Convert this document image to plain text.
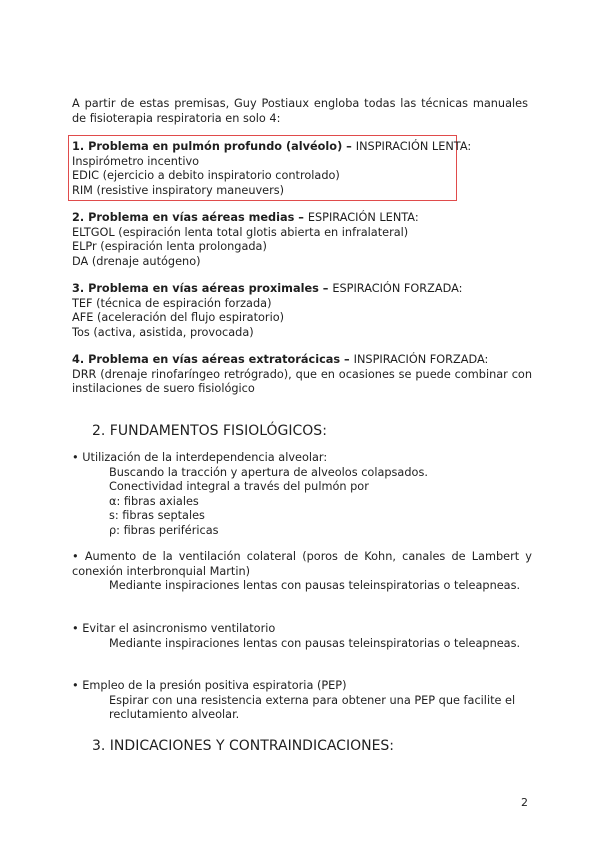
A partir de estas premisas, Guy Postiaux engloba todas las técnicas manuales de fisioterapia respiratoria en solo 4:
1. Problema en pulmón profundo (alvéolo) – INSPIRACIÓN LENTA:
Inspirómetro incentivo
EDIC (ejercicio a debito inspiratorio controlado)
RIM (resistive inspiratory maneuvers)
2. Problema en vías aéreas medias – ESPIRACIÓN LENTA:
ELTGOL (espiración lenta total glotis abierta en infralateral)
ELPr (espiración lenta prolongada)
DA (drenaje autógeno)
3. Problema en vías aéreas proximales – ESPIRACIÓN FORZADA:
TEF (técnica de espiración forzada)
AFE (aceleración del flujo espiratorio)
Tos (activa, asistida, provocada)
4. Problema en vías aéreas extratorácicas – INSPIRACIÓN FORZADA:
DRR (drenaje rinofaríngeo retrógrado), que en ocasiones se puede combinar con instilaciones de suero fisiológico
2. FUNDAMENTOS FISIOLÓGICOS:
• Utilización de la interdependencia alveolar:
Buscando la tracción y apertura de alveolos colapsados.
Conectividad integral a través del pulmón por
α: fibras axiales
s: fibras septales
ρ: fibras periféricas
• Aumento de la ventilación colateral (poros de Kohn, canales de Lambert y conexión interbronquial Martin)
Mediante inspiraciones lentas con pausas teleinspiratorias o teleapneas.
• Evitar el asincronismo ventilatorio
Mediante inspiraciones lentas con pausas teleinspiratorias o teleapneas.
• Empleo de la presión positiva espiratoria (PEP)
Espirar con una resistencia externa para obtener una PEP que facilite el reclutamiento alveolar.
3. INDICACIONES Y CONTRAINDICACIONES:
2
